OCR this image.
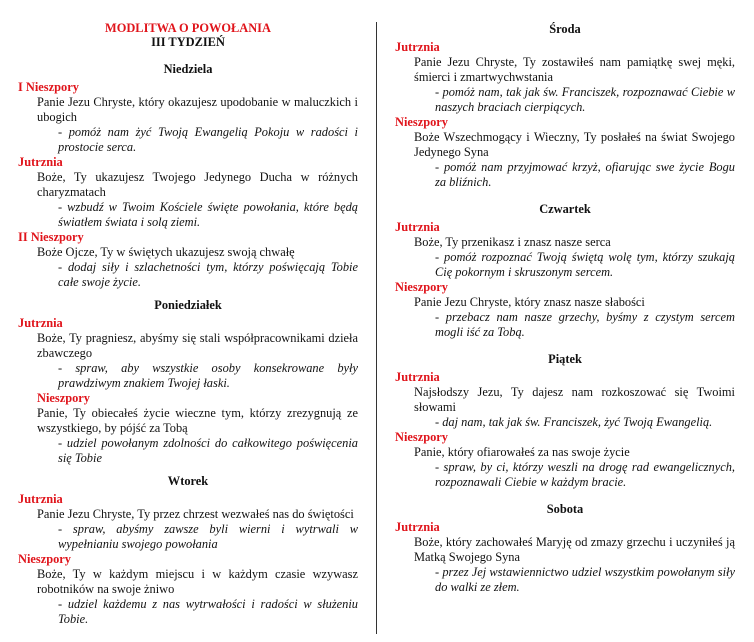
MODLITWA O POWOŁANIA
III TYDZIEŃ
Niedziela
I Nieszpory
Panie Jezu Chryste, który okazujesz upodobanie w maluczkich i ubogich
- pomóż nam żyć Twoją Ewangelią Pokoju w radości i prostocie serca.
Jutrznia
Boże, Ty ukazujesz Twojego Jedynego Ducha w różnych charyzmatach
- wzbudź w Twoim Kościele święte powołania, które będą światłem świata i solą ziemi.
II Nieszpory
Boże Ojcze, Ty w świętych ukazujesz swoją chwałę
- dodaj siły i szlachetności tym, którzy poświęcają Tobie całe swoje życie.
Poniedziałek
Jutrznia
Boże, Ty pragniesz, abyśmy się stali współpracownikami dzieła zbawczego
- spraw, aby wszystkie osoby konsekrowane były prawdziwym znakiem Twojej łaski.
Nieszpory
Panie, Ty obiecałeś życie wieczne tym, którzy zrezygnują ze wszystkiego, by pójść za Tobą
- udziel powołanym zdolności do całkowitego poświęcenia się Tobie
Wtorek
Jutrznia
Panie Jezu Chryste, Ty przez chrzest wezwałeś nas do świętości
- spraw, abyśmy zawsze byli wierni i wytrwali w wypełnianiu swojego powołania
Nieszpory
Boże, Ty w każdym miejscu i w każdym czasie wzywasz robotników na swoje żniwo
- udziel każdemu z nas wytrwałości i radości w służeniu Tobie.
Środa
Jutrznia
Panie Jezu Chryste, Ty zostawiłeś nam pamiątkę swej męki, śmierci i zmartwychwstania
- pomóż nam, tak jak św. Franciszek, rozpoznawać Ciebie w naszych braciach cierpiących.
Nieszpory
Boże Wszechmogący i Wieczny, Ty posłałeś na świat Swojego Jedynego Syna
- pomóż nam przyjmować krzyż, ofiarując swe życie Bogu za bliźnich.
Czwartek
Jutrznia
Boże, Ty przenikasz i znasz nasze serca
- pomóż rozpoznać Twoją świętą wolę tym, którzy szukają Cię pokornym i skruszonym sercem.
Nieszpory
Panie Jezu Chryste, który znasz nasze słabości
- przebacz nam nasze grzechy, byśmy z czystym sercem mogli iść za Tobą.
Piątek
Jutrznia
Najsłodszy Jezu, Ty dajesz nam rozkoszować się Twoimi słowami
- daj nam, tak jak św. Franciszek, żyć Twoją Ewangelią.
Nieszpory
Panie, który ofiarowałeś za nas swoje życie
- spraw, by ci, którzy weszli na drogę rad ewangelicznych, rozpoznawali Ciebie w każdym bracie.
Sobota
Jutrznia
Boże, który zachowałeś Maryję od zmazy grzechu i uczyniłeś ją Matką Swojego Syna
- przez Jej wstawiennictwo udziel wszystkim powołanym siły do walki ze złem.
